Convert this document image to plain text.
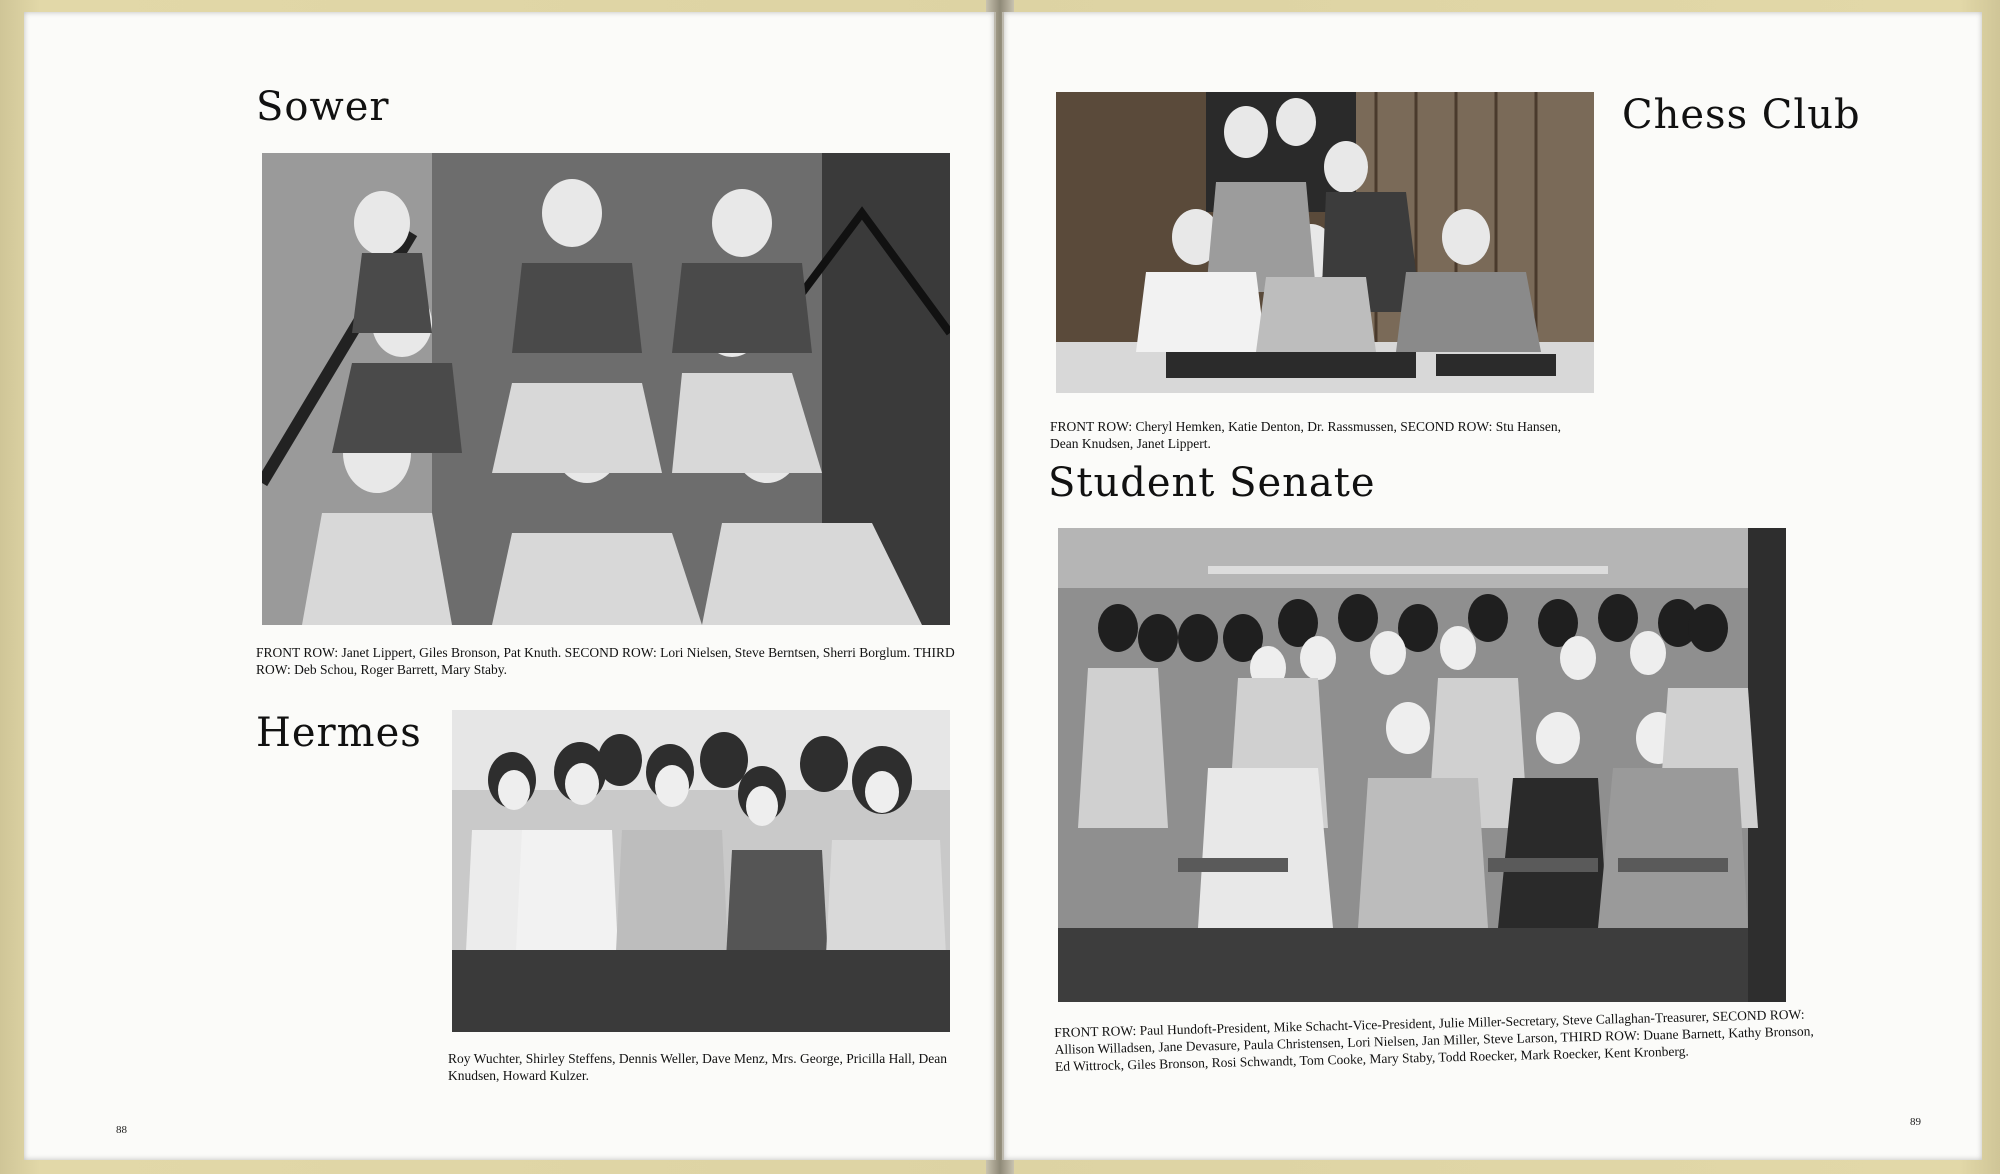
Sower
FRONT ROW: Janet Lippert, Giles Bronson, Pat Knuth. SECOND ROW: Lori Nielsen, Steve Berntsen, Sherri Borglum. THIRD ROW: Deb Schou, Roger Barrett, Mary Staby.
Hermes
Roy Wuchter, Shirley Steffens, Dennis Weller, Dave Menz, Mrs. George, Pricilla Hall, Dean Knudsen, Howard Kulzer.
88
Chess Club
FRONT ROW: Cheryl Hemken, Katie Denton, Dr. Rassmussen, SECOND ROW: Stu Hansen, Dean Knudsen, Janet Lippert.
Student Senate
FRONT ROW: Paul Hundoft-President, Mike Schacht-Vice-President, Julie Miller-Secretary, Steve Callaghan-Treasurer, SECOND ROW: Allison Willadsen, Jane Devasure, Paula Christensen, Lori Nielsen, Jan Miller, Steve Larson, THIRD ROW: Duane Barnett, Kathy Bronson, Ed Wittrock, Giles Bronson, Rosi Schwandt, Tom Cooke, Mary Staby, Todd Roecker, Mark Roecker, Kent Kronberg.
89
